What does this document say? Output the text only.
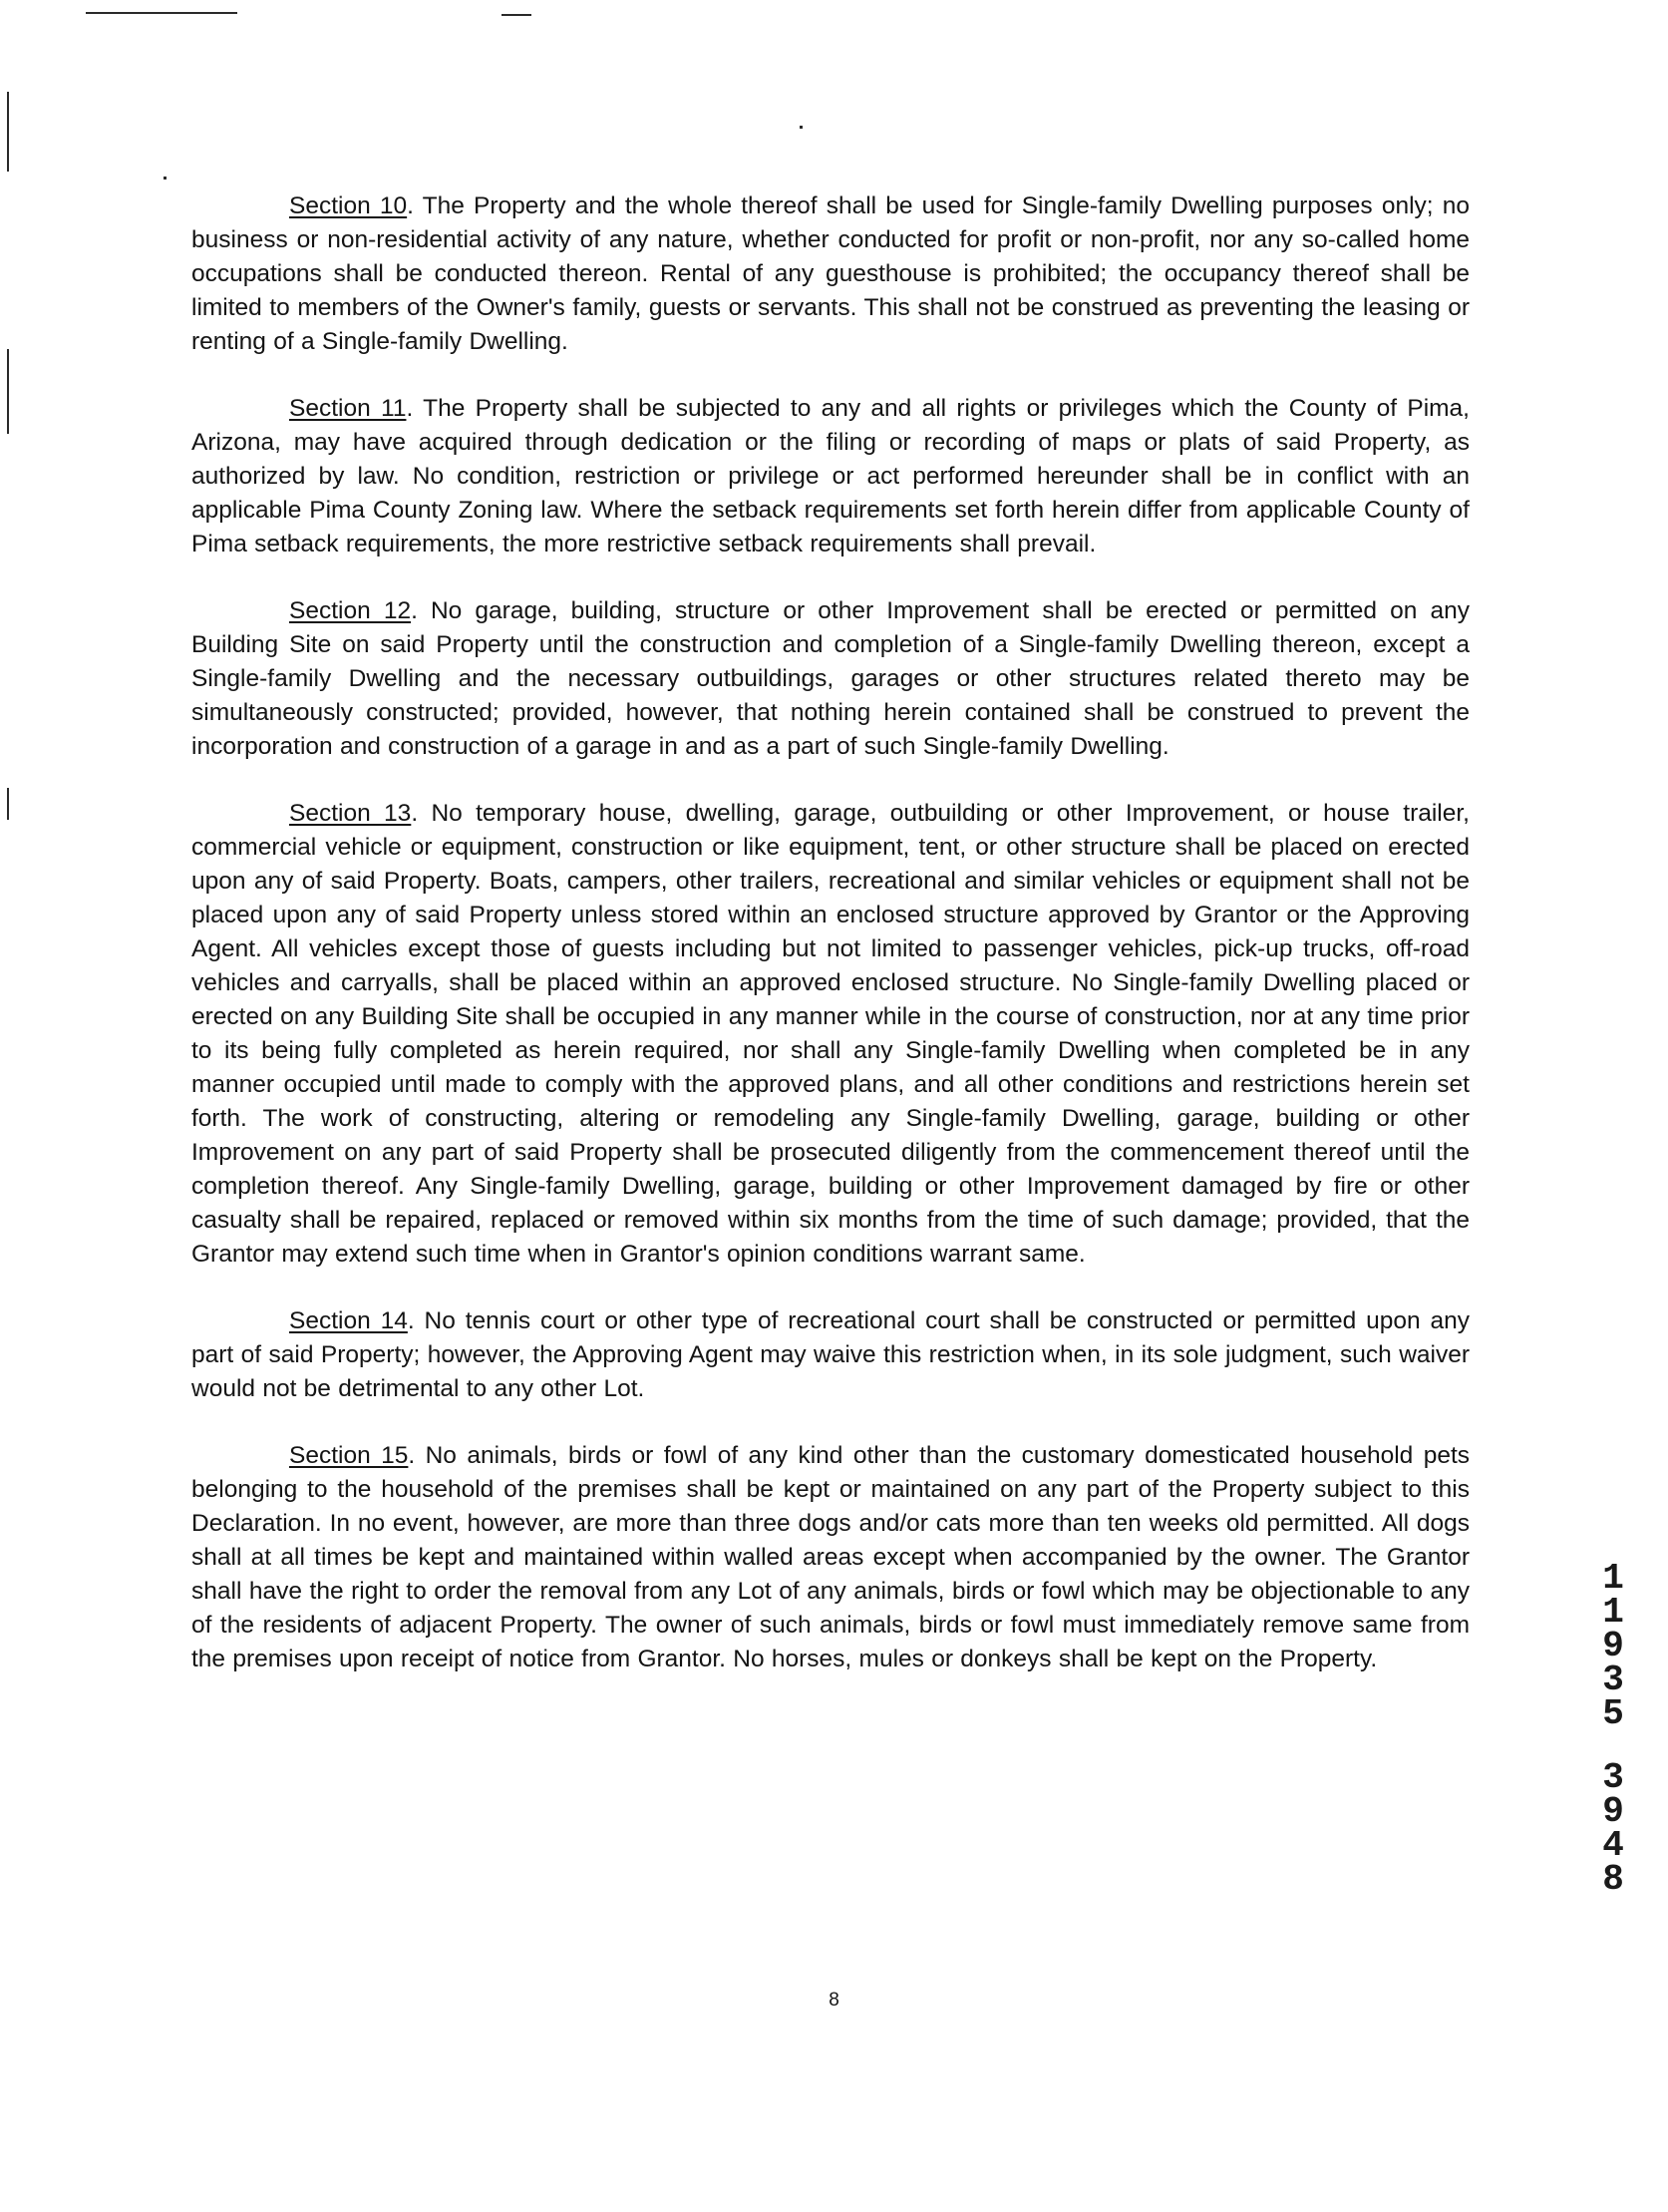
Section 10. The Property and the whole thereof shall be used for Single-family Dwelling purposes only; no business or non-residential activity of any nature, whether conducted for profit or non-profit, nor any so-called home occupations shall be conducted thereon. Rental of any guesthouse is prohibited; the occupancy thereof shall be limited to members of the Owner's family, guests or servants. This shall not be construed as preventing the leasing or renting of a Single-family Dwelling.

Section 11. The Property shall be subjected to any and all rights or privileges which the County of Pima, Arizona, may have acquired through dedication or the filing or recording of maps or plats of said Property, as authorized by law. No condition, restriction or privilege or act performed hereunder shall be in conflict with an applicable Pima County Zoning law. Where the setback requirements set forth herein differ from applicable County of Pima setback requirements, the more restrictive setback requirements shall prevail.

Section 12. No garage, building, structure or other Improvement shall be erected or permitted on any Building Site on said Property until the construction and completion of a Single-family Dwelling thereon, except a Single-family Dwelling and the necessary outbuildings, garages or other structures related thereto may be simultaneously constructed; provided, however, that nothing herein contained shall be construed to prevent the incorporation and construction of a garage in and as a part of such Single-family Dwelling.

Section 13. No temporary house, dwelling, garage, outbuilding or other Improvement, or house trailer, commercial vehicle or equipment, construction or like equipment, tent, or other structure shall be placed on erected upon any of said Property. Boats, campers, other trailers, recreational and similar vehicles or equipment shall not be placed upon any of said Property unless stored within an enclosed structure approved by Grantor or the Approving Agent. All vehicles except those of guests including but not limited to passenger vehicles, pick-up trucks, off-road vehicles and carryalls, shall be placed within an approved enclosed structure. No Single-family Dwelling placed or erected on any Building Site shall be occupied in any manner while in the course of construction, nor at any time prior to its being fully completed as herein required, nor shall any Single-family Dwelling when completed be in any manner occupied until made to comply with the approved plans, and all other conditions and restrictions herein set forth. The work of constructing, altering or remodeling any Single-family Dwelling, garage, building or other Improvement on any part of said Property shall be prosecuted diligently from the commencement thereof until the completion thereof. Any Single-family Dwelling, garage, building or other Improvement damaged by fire or other casualty shall be repaired, replaced or removed within six months from the time of such damage; provided, that the Grantor may extend such time when in Grantor's opinion conditions warrant same.

Section 14. No tennis court or other type of recreational court shall be constructed or permitted upon any part of said Property; however, the Approving Agent may waive this restriction when, in its sole judgment, such waiver would not be detrimental to any other Lot.

Section 15. No animals, birds or fowl of any kind other than the customary domesticated household pets belonging to the household of the premises shall be kept or maintained on any part of the Property subject to this Declaration. In no event, however, are more than three dogs and/or cats more than ten weeks old permitted. All dogs shall at all times be kept and maintained within walled areas except when accompanied by the owner. The Grantor shall have the right to order the removal from any Lot of any animals, birds or fowl which may be objectionable to any of the residents of adjacent Property. The owner of such animals, birds or fowl must immediately remove same from the premises upon receipt of notice from Grantor. No horses, mules or donkeys shall be kept on the Property.

1
1
9
3
5
3
9
4
8
8
